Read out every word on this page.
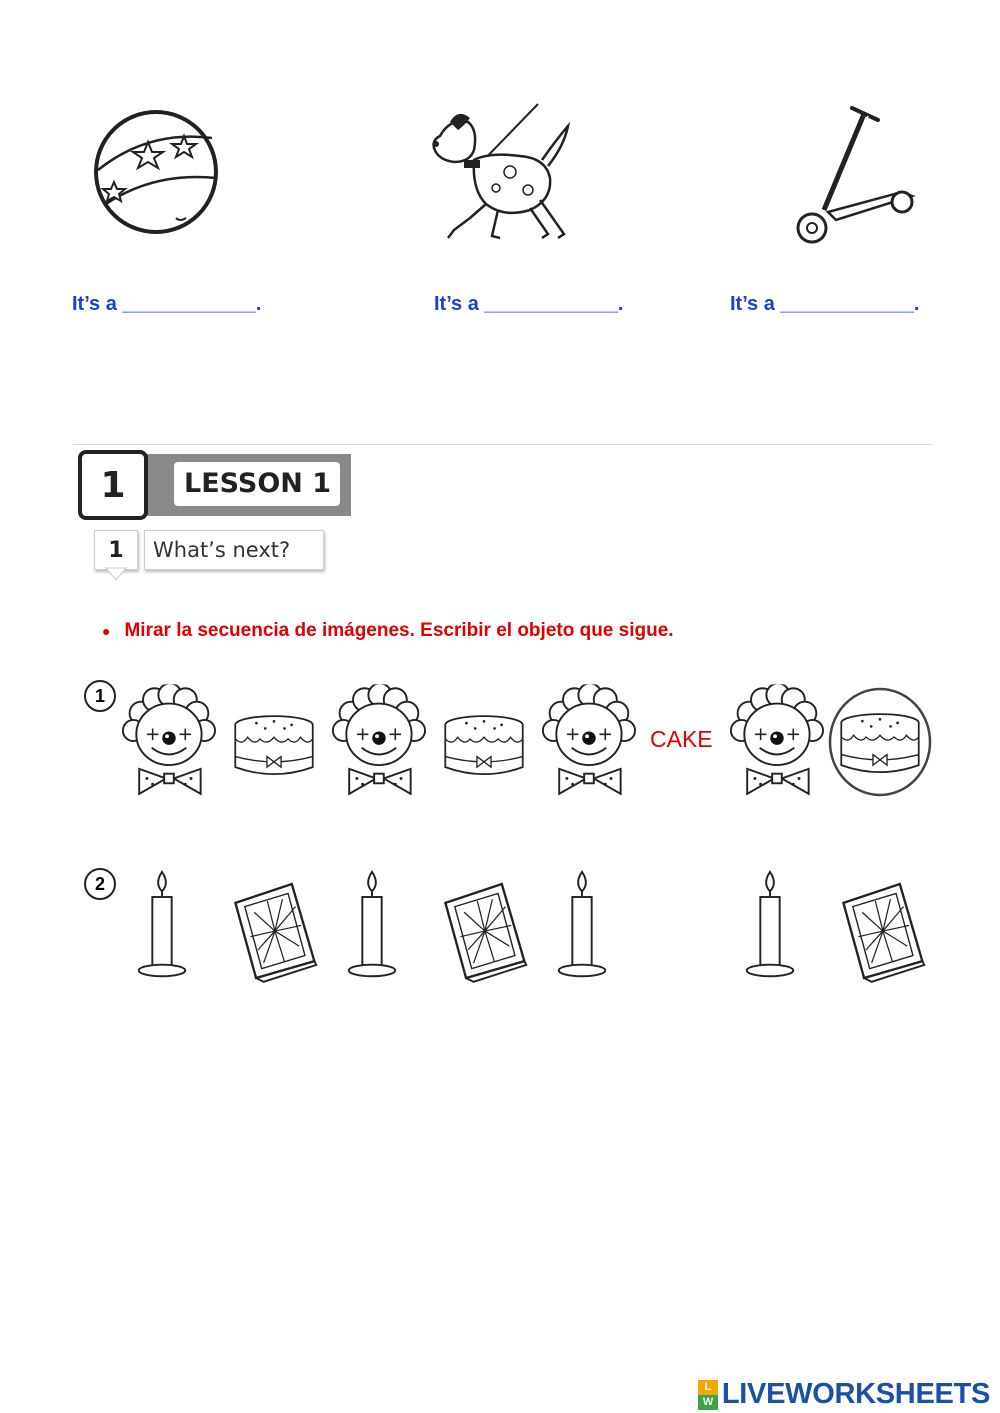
It’s a ____________.	It’s a ____________.	It’s a ____________.
LESSON 1
1
1 What’s next?
● Mirar la secuencia de imágenes. Escribir el objeto que sigue.
1
CAKE
2
L
W LIVEWORKSHEETS
